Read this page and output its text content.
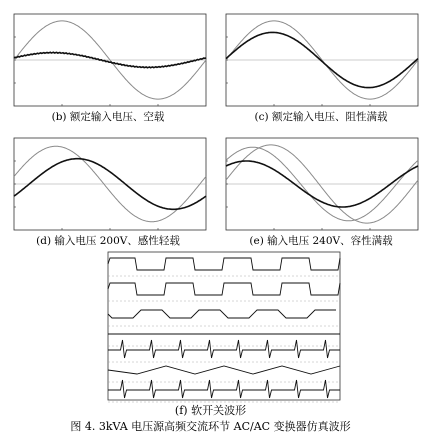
(b) 额定输入电压、空载	(c) 额定输入电压、阻性满载
(d) 输入电压 200V、感性轻载	(e) 输入电压 240V、容性满载
(f) 软开关波形
图 4. 3kVA 电压源高频交流环节 AC/AC 变换器仿真波形
